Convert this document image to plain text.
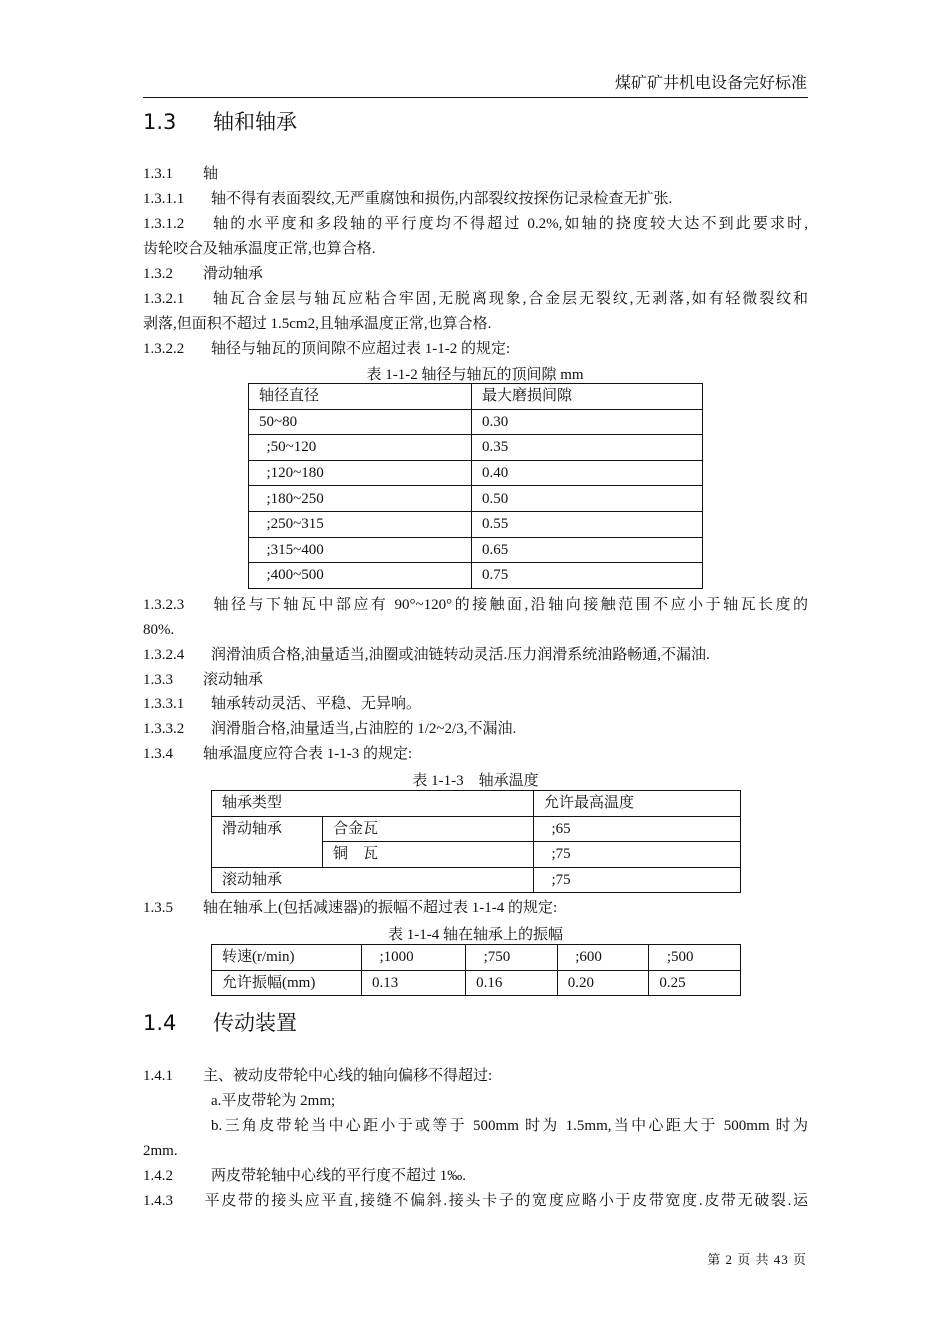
煤矿矿井机电设备完好标准
1.3 轴和轴承
1.3.1 轴
1.3.1.1 轴不得有表面裂纹,无严重腐蚀和损伤,内部裂纹按探伤记录检查无扩张.
1.3.1.2 轴的水平度和多段轴的平行度均不得超过 0.2%,如轴的挠度较大达不到此要求时,
齿轮咬合及轴承温度正常,也算合格.
1.3.2 滑动轴承
1.3.2.1 轴瓦合金层与轴瓦应粘合牢固,无脱离现象,合金层无裂纹,无剥落,如有轻微裂纹和
剥落,但面积不超过 1.5cm2,且轴承温度正常,也算合格.
1.3.2.2 轴径与轴瓦的顶间隙不应超过表 1-1-2 的规定:
表 1-1-2 轴径与轴瓦的顶间隙 mm
轴径直径	最大磨损间隙
50~80	0.30
;50~120	0.35
;120~180	0.40
;180~250	0.50
;250~315	0.55
;315~400	0.65
;400~500	0.75
1.3.2.3 轴径与下轴瓦中部应有 90°~120°的接触面,沿轴向接触范围不应小于轴瓦长度的
80%.
1.3.2.4 润滑油质合格,油量适当,油圈或油链转动灵活.压力润滑系统油路畅通,不漏油.
1.3.3 滚动轴承
1.3.3.1 轴承转动灵活、平稳、无异响。
1.3.3.2 润滑脂合格,油量适当,占油腔的 1/2~2/3,不漏油.
1.3.4 轴承温度应符合表 1-1-3 的规定:
表 1-1-3    轴承温度
轴承类型		允许最高温度
滑动轴承	合金瓦	;65
	铜    瓦	;75
滚动轴承		;75
1.3.5 轴在轴承上(包括减速器)的振幅不超过表 1-1-4 的规定:
表 1-1-4 轴在轴承上的振幅
转速(r/min)	;1000	;750	;600	;500
允许振幅(mm)	0.13	0.16	0.20	0.25
1.4 传动装置
1.4.1 主、被动皮带轮中心线的轴向偏移不得超过:
a.平皮带轮为 2mm;
b.三角皮带轮当中心距小于或等于 500mm 时为 1.5mm,当中心距大于 500mm 时为
2mm.
1.4.2	两皮带轮轴中心线的平行度不超过 1‰.
1.4.3 平皮带的接头应平直,接缝不偏斜.接头卡子的宽度应略小于皮带宽度.皮带无破裂.运
第 2 页 共 43 页
